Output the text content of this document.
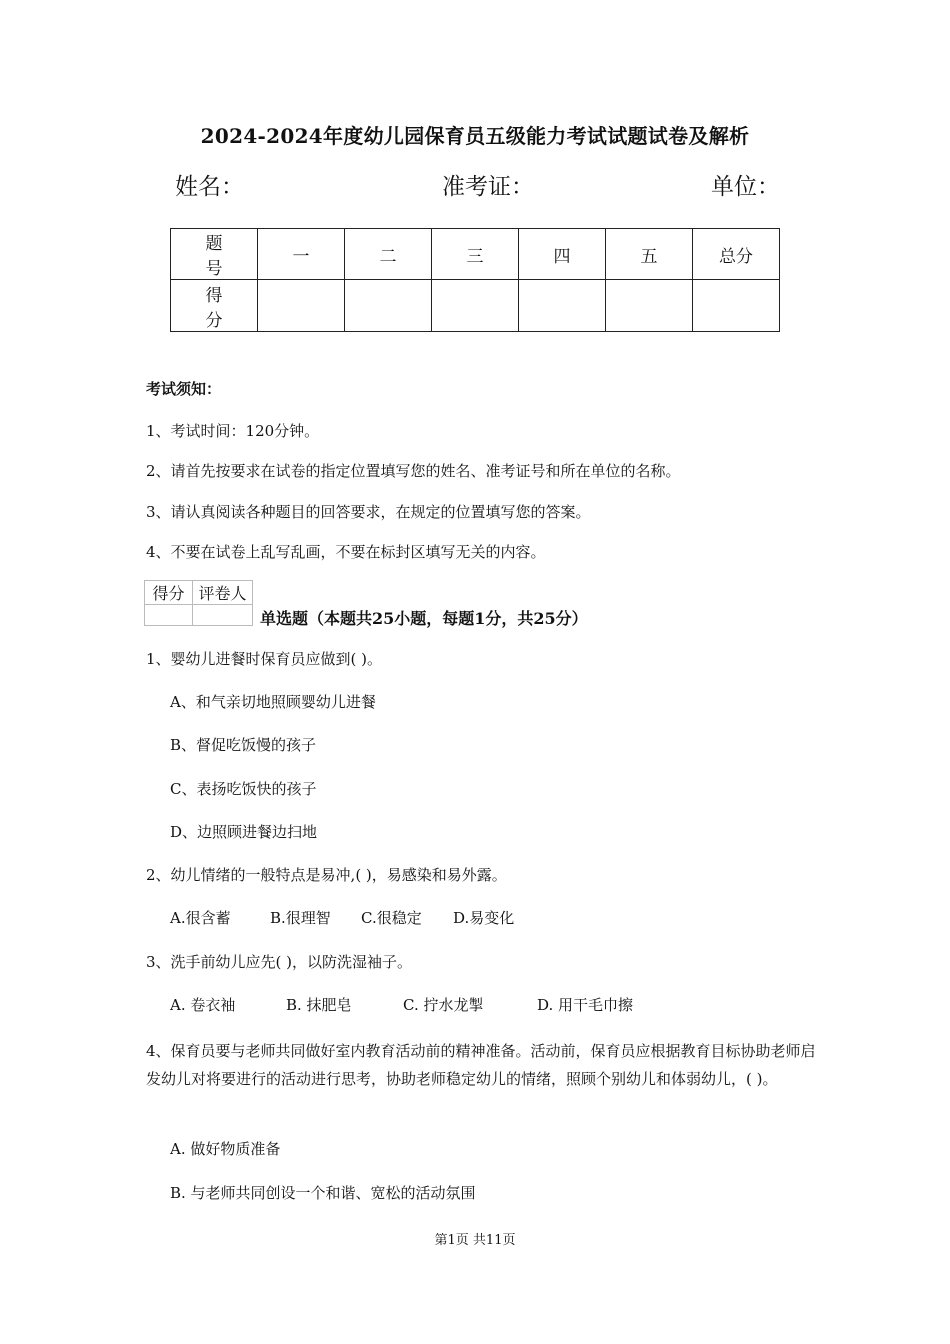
2024-2024年度幼儿园保育员五级能力考试试题试卷及解析
姓名：	准考证：	单位：
题 号	一	二	三	四	五	总分
得 分						
考试须知：
1、考试时间：120分钟。
2、请首先按要求在试卷的指定位置填写您的姓名、准考证号和所在单位的名称。
3、请认真阅读各种题目的回答要求，在规定的位置填写您的答案。
4、不要在试卷上乱写乱画，不要在标封区填写无关的内容。
得分	评卷人

单选题（本题共25小题，每题1分，共25分）
1、婴幼儿进餐时保育员应做到( )。
A、和气亲切地照顾婴幼儿进餐
B、督促吃饭慢的孩子
C、表扬吃饭快的孩子
D、边照顾进餐边扫地
2、幼儿情绪的一般特点是易冲,( )，易感染和易外露。
A.很含蓄	B.很理智 C.很稳定 D.易变化
3、洗手前幼儿应先( )，以防洗湿袖子。
A. 卷衣袖	B. 抹肥皂	C. 拧水龙掣	D. 用干毛巾擦
4、保育员要与老师共同做好室内教育活动前的精神准备。活动前，保育员应根据教育目标协助老师启发幼儿对将要进行的活动进行思考，协助老师稳定幼儿的情绪，照顾个别幼儿和体弱幼儿，( )。
A. 做好物质准备
B. 与老师共同创设一个和谐、宽松的活动氛围
第1页 共11页
